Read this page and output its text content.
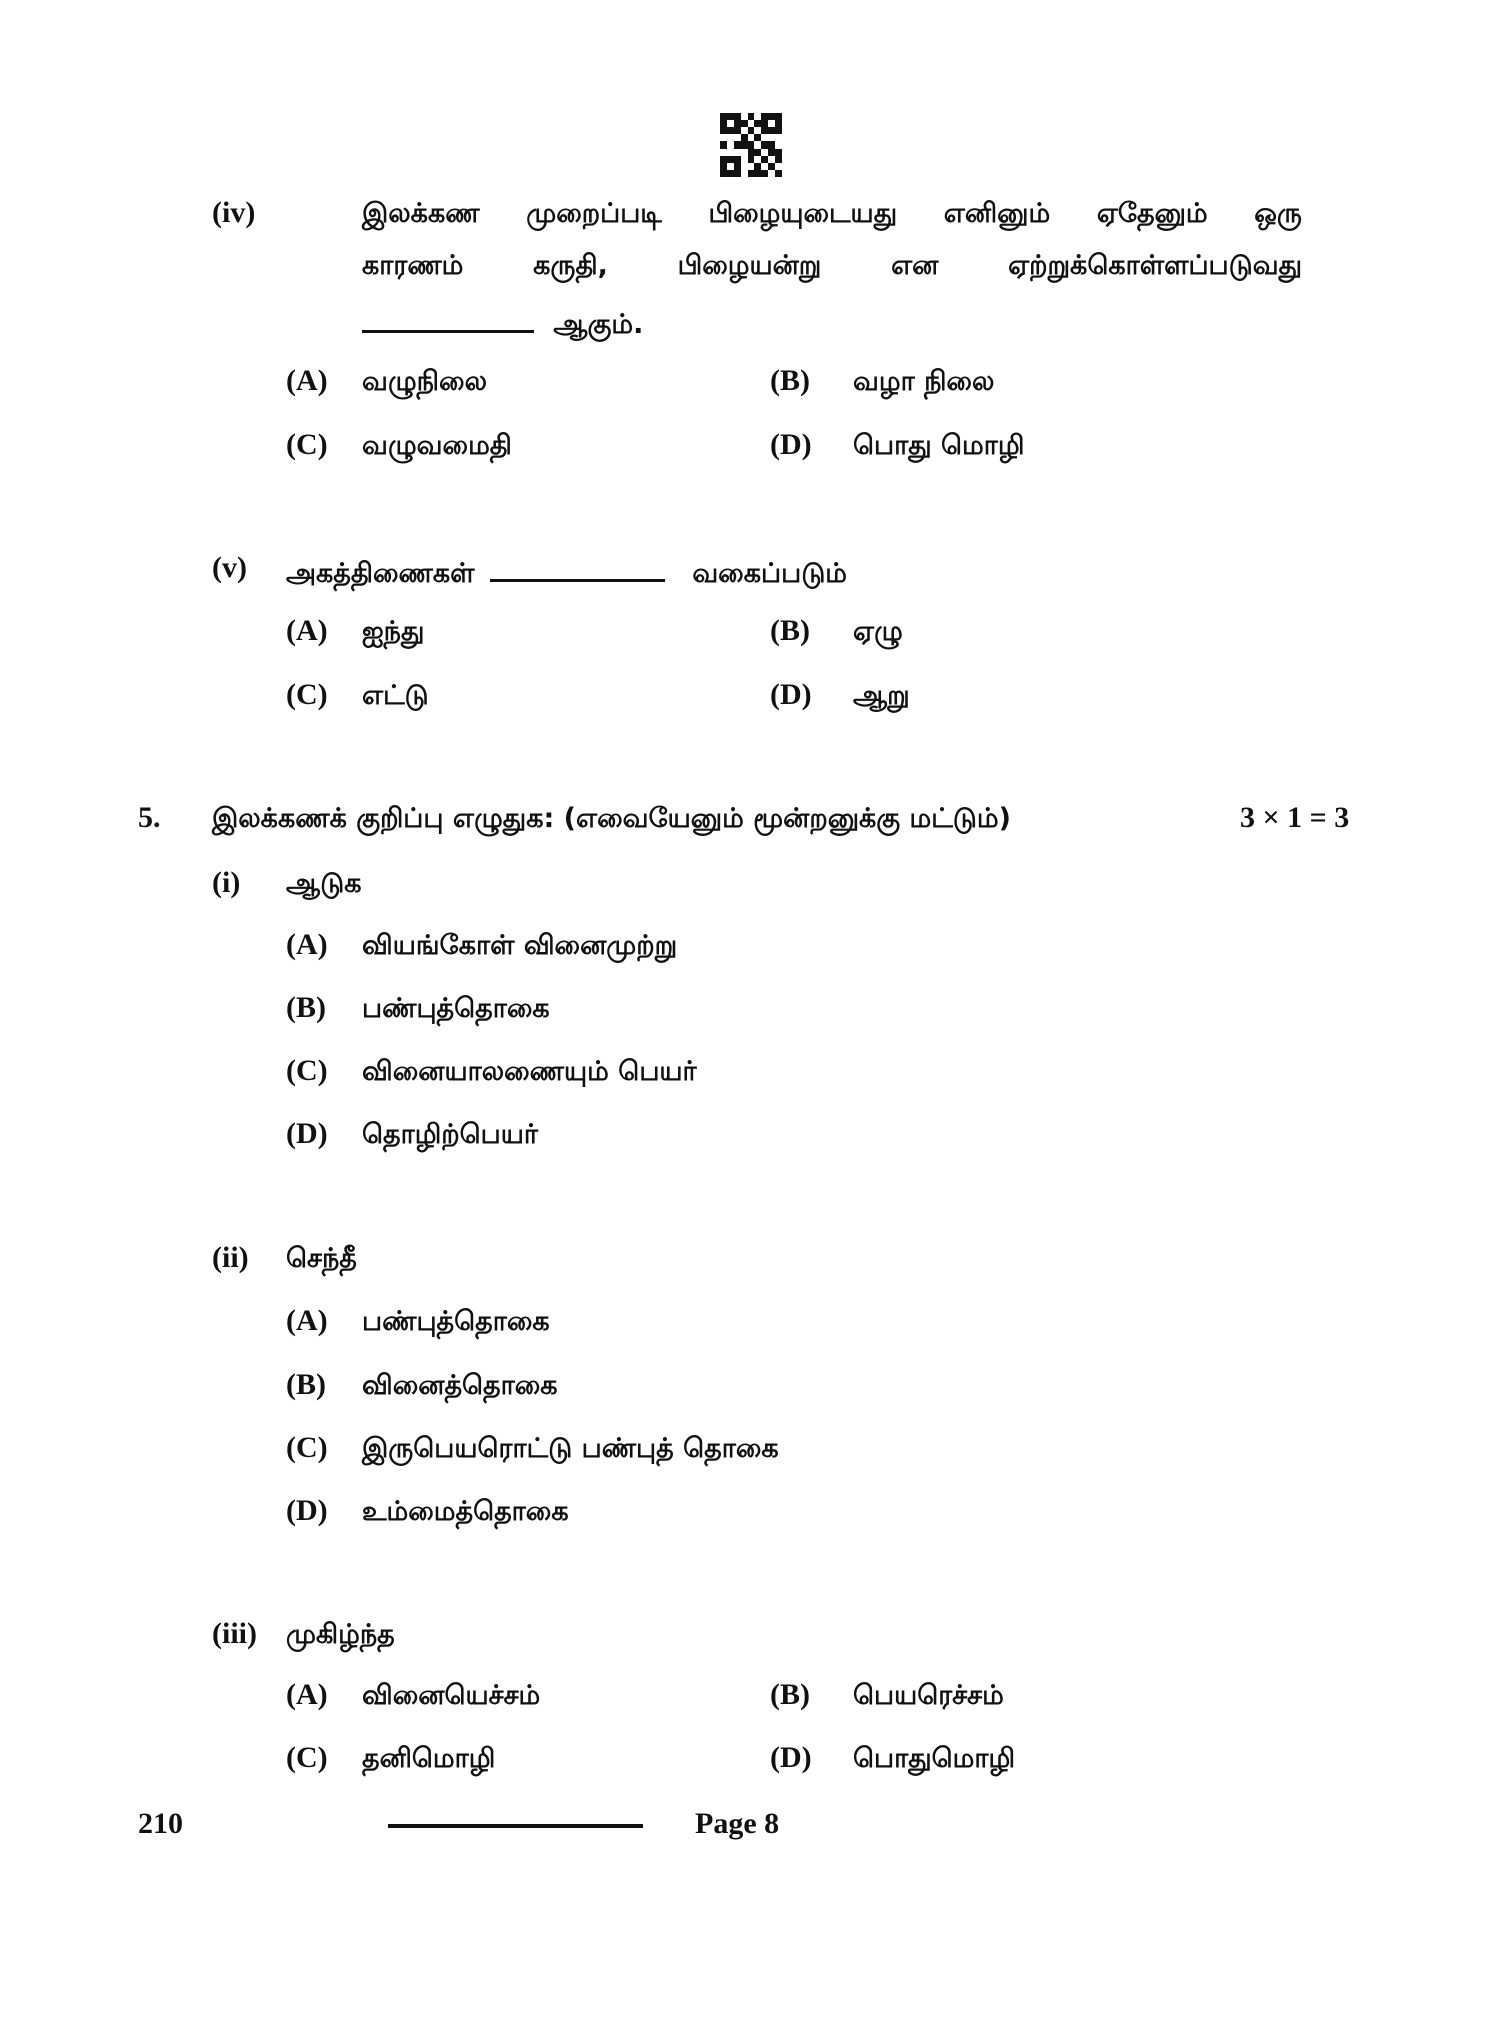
(iv)	இலக்கண முறைப்படி பிழையுடையது எனினும் ஏதேனும் ஒரு
காரணம்	கருதி,	பிழையன்று	என	ஏற்றுக்கொள்ளப்படுவது
ஆகும்.
(A) வழுநிலை	(B) வழா நிலை
(C) வழுவமைதி	(D) பொது மொழி
(v) அகத்திணைகள்	வகைப்படும்
(A) ஐந்து	(B) ஏழு
(C) எட்டு	(D) ஆறு
5. இலக்கணக் குறிப்பு எழுதுக: (எவையேனும் மூன்றனுக்கு மட்டும்)	3 × 1 = 3
(i) ஆடுக
(A) வியங்கோள் வினைமுற்று
(B) பண்புத்தொகை
(C) வினையாலணையும் பெயர்
(D) தொழிற்பெயர்
(ii) செந்தீ
(A) பண்புத்தொகை
(B) வினைத்தொகை
(C) இருபெயரொட்டு பண்புத் தொகை
(D) உம்மைத்தொகை
(iii) முகிழ்ந்த
(A) வினையெச்சம்	(B) பெயரெச்சம்
(C) தனிமொழி	(D) பொதுமொழி
210	Page 8
